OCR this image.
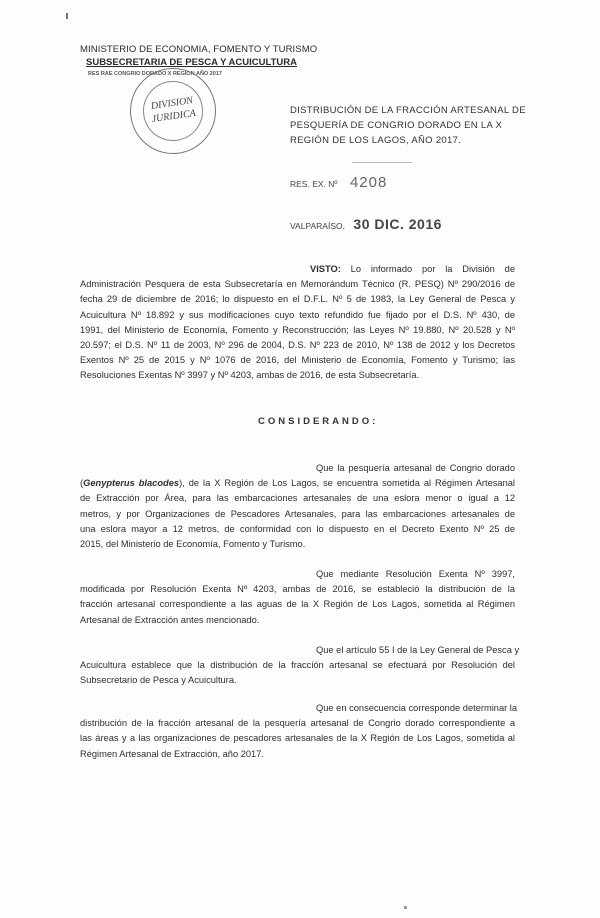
MINISTERIO DE ECONOMIA, FOMENTO Y TURISMO
SUBSECRETARIA DE PESCA Y ACUICULTURA
RES RAE CONGRIO DORADO X REGION AÑO 2017
DIVISION
JURIDICA	DISTRIBUCIÓN DE LA FRACCIÓN ARTESANAL DE PESQUERÍA DE CONGRIO DORADO EN LA X REGIÓN DE LOS LAGOS, AÑO 2017.
RES. EX. Nº 4208
VALPARAÍSO, 30 DIC. 2016
VISTO: Lo informado por la División de
Administración Pesquera de esta Subsecretaría en Memorándum Técnico (R. PESQ) Nº 290/2016 de
fecha 29 de diciembre de 2016; lo dispuesto en el D.F.L. Nº 5 de 1983, la Ley General de Pesca y
Acuicultura Nº 18.892 y sus modificaciones cuyo texto refundido fue fijado por el D.S. Nº 430, de
1991, del Ministerio de Economía, Fomento y Reconstrucción; las Leyes Nº 19.880, Nº 20.528 y Nº
20.597; el D.S. Nº 11 de 2003, Nº 296 de 2004, D.S. Nº 223 de 2010, Nº 138 de 2012 y los Decretos
Exentos Nº 25 de 2015 y Nº 1076 de 2016, del Ministerio de Economía, Fomento y Turismo; las
Resoluciones Exentas Nº 3997 y Nº 4203, ambas de 2016, de esta Subsecretaría.
CONSIDERANDO:
Que la pesquería artesanal de Congrio dorado
(Genypterus blacodes), de la X Región de Los Lagos, se encuentra sometida al Régimen Artesanal
de Extracción por Área, para las embarcaciones artesanales de una eslora menor o igual a 12
metros, y por Organizaciones de Pescadores Artesanales, para las embarcaciones artesanales de
una eslora mayor a 12 metros, de conformidad con lo dispuesto en el Decreto Exento Nº 25 de
2015, del Ministerio de Economía, Fomento y Turismo.
Que mediante Resolución Exenta Nº 3997,
modificada por Resolución Exenta Nº 4203, ambas de 2016, se estableció la distribución de la
fracción artesanal correspondiente a las aguas de la X Región de Los Lagos, sometida al Régimen
Artesanal de Extracción antes mencionado.
Que el artículo 55 I de la Ley General de Pesca y
Acuicultura establece que la distribución de la fracción artesanal se efectuará por Resolución del
Subsecretario de Pesca y Acuicultura.
Que en consecuencia corresponde determinar la
distribución de la fracción artesanal de la pesquería artesanal de Congrio dorado correspondiente a
las áreas y a las organizaciones de pescadores artesanales de la X Región de Los Lagos, sometida al
Régimen Artesanal de Extracción, año 2017.
